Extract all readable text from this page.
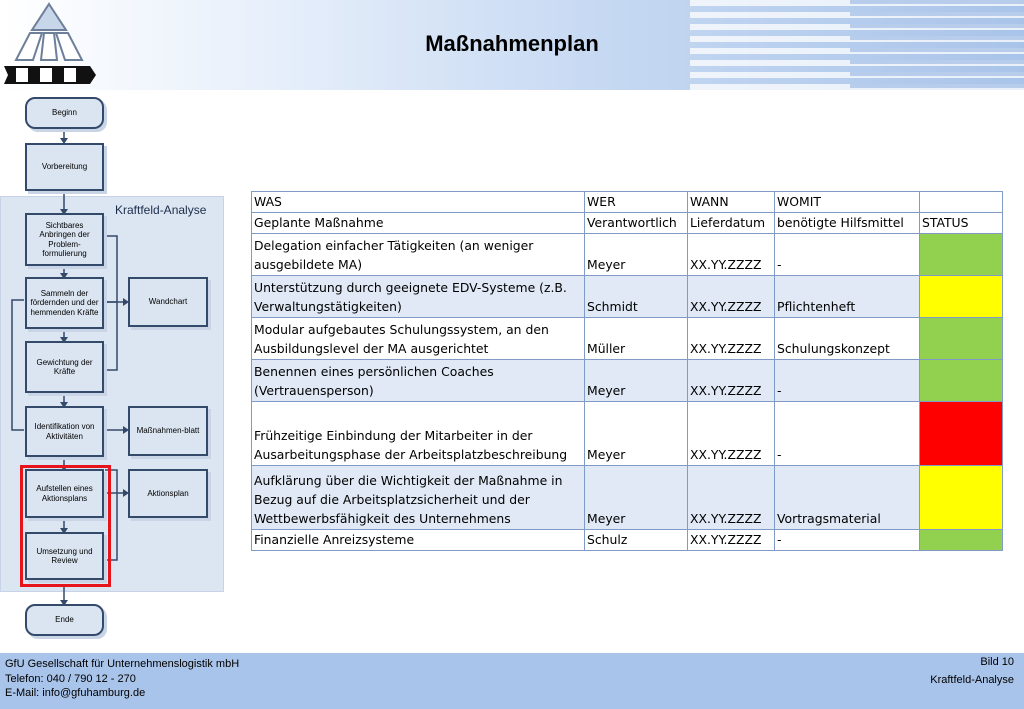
Maßnahmenplan
Kraftfeld-Analyse
Beginn
Vorbereitung
Sichtbares Anbringen der Problem-formulierung
Sammeln der fördernden und der hemmenden Kräfte
Gewichtung der Kräfte
Identifikation von Aktivitäten
Aufstellen eines Aktionsplans
Umsetzung und Review
Ende
Wandchart
Maßnahmen-blatt
Aktionsplan
WAS	WER	WANN	WOMIT	
Geplante Maßnahme	Verantwortlich	Lieferdatum	benötigte Hilfsmittel	STATUS
Delegation einfacher Tätigkeiten (an weniger ausgebildete MA)	Meyer	XX.YY.ZZZZ	-	
Unterstützung durch geeignete EDV-Systeme (z.B. Verwaltungstätigkeiten)	Schmidt	XX.YY.ZZZZ	Pflichtenheft	
Modular aufgebautes Schulungssystem, an den Ausbildungslevel der MA ausgerichtet	Müller	XX.YY.ZZZZ	Schulungskonzept	
Benennen eines persönlichen Coaches (Vertrauensperson)	Meyer	XX.YY.ZZZZ	-	
Frühzeitige Einbindung der Mitarbeiter in der Ausarbeitungsphase der Arbeitsplatzbeschreibung	Meyer	XX.YY.ZZZZ	-	
Aufklärung über die Wichtigkeit der Maßnahme in Bezug auf die Arbeitsplatzsicherheit und der Wettbewerbsfähigkeit des Unternehmens	Meyer	XX.YY.ZZZZ	Vortragsmaterial	
Finanzielle Anreizsysteme	Schulz	XX.YY.ZZZZ	-	
GfU Gesellschaft für Unternehmenslogistik mbH
Telefon: 040 / 790 12 - 270
E-Mail: info@gfuhamburg.de
Bild 10
Kraftfeld-Analyse
